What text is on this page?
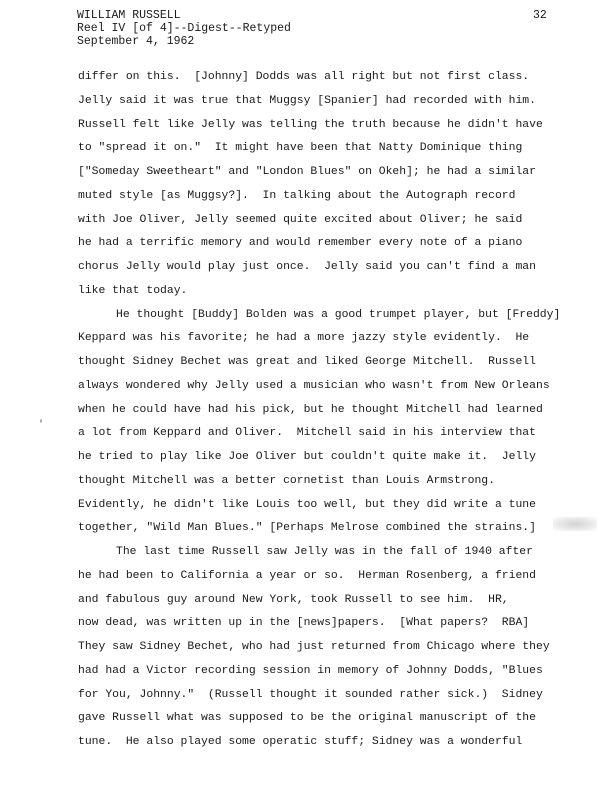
WILLIAM RUSSELL
Reel IV [of 4]--Digest--Retyped
September 4, 1962
32
'
differ on this.  [Johnny] Dodds was all right but not first class.
Jelly said it was true that Muggsy [Spanier] had recorded with him.
Russell felt like Jelly was telling the truth because he didn't have
to "spread it on."  It might have been that Natty Dominique thing
["Someday Sweetheart" and "London Blues" on Okeh]; he had a similar
muted style [as Muggsy?].  In talking about the Autograph record
with Joe Oliver, Jelly seemed quite excited about Oliver; he said
he had a terrific memory and would remember every note of a piano
chorus Jelly would play just once.  Jelly said you can't find a man
like that today.
He thought [Buddy] Bolden was a good trumpet player, but [Freddy]
Keppard was his favorite; he had a more jazzy style evidently.  He
thought Sidney Bechet was great and liked George Mitchell.  Russell
always wondered why Jelly used a musician who wasn't from New Orleans
when he could have had his pick, but he thought Mitchell had learned
a lot from Keppard and Oliver.  Mitchell said in his interview that
he tried to play like Joe Oliver but couldn't quite make it.  Jelly
thought Mitchell was a better cornetist than Louis Armstrong.
Evidently, he didn't like Louis too well, but they did write a tune
together, "Wild Man Blues." [Perhaps Melrose combined the strains.]
The last time Russell saw Jelly was in the fall of 1940 after
he had been to California a year or so.  Herman Rosenberg, a friend
and fabulous guy around New York, took Russell to see him.  HR,
now dead, was written up in the [news]papers.  [What papers?  RBA]
They saw Sidney Bechet, who had just returned from Chicago where they
had had a Victor recording session in memory of Johnny Dodds, "Blues
for You, Johnny."  (Russell thought it sounded rather sick.)  Sidney
gave Russell what was supposed to be the original manuscript of the
tune.  He also played some operatic stuff; Sidney was a wonderful
